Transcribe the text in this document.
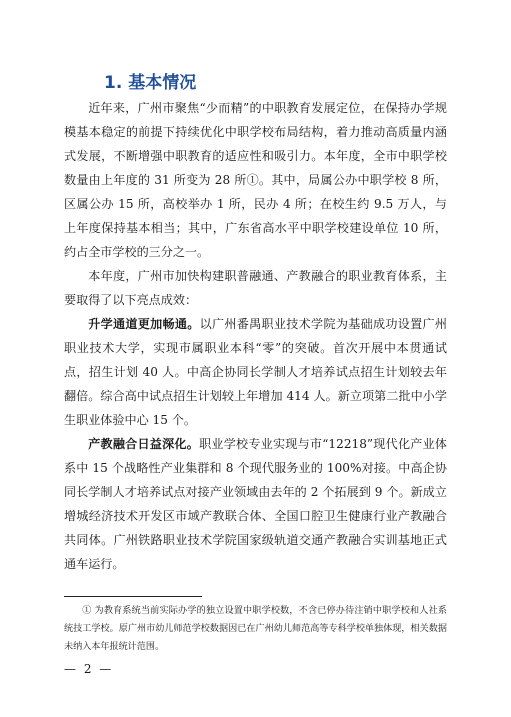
1. 基本情况
近年来，广州市聚焦“少而精”的中职教育发展定位，在保持办学规模基本稳定的前提下持续优化中职学校布局结构，着力推动高质量内涵式发展，不断增强中职教育的适应性和吸引力。本年度，全市中职学校数量由上年度的 31 所变为 28 所①。其中，局属公办中职学校 8 所，区属公办 15 所，高校举办 1 所，民办 4 所；在校生约 9.5 万人，与上年度保持基本相当；其中，广东省高水平中职学校建设单位 10 所，约占全市学校的三分之一。
本年度，广州市加快构建职普融通、产教融合的职业教育体系，主要取得了以下亮点成效：
升学通道更加畅通。以广州番禺职业技术学院为基础成功设置广州职业技术大学，实现市属职业本科“零”的突破。首次开展中本贯通试点，招生计划 40 人。中高企协同长学制人才培养试点招生计划较去年翻倍。综合高中试点招生计划较上年增加 414 人。新立项第二批中小学生职业体验中心 15 个。
产教融合日益深化。职业学校专业实现与市“12218”现代化产业体系中 15 个战略性产业集群和 8 个现代服务业的 100%对接。中高企协同长学制人才培养试点对接产业领域由去年的 2 个拓展到 9 个。新成立增城经济技术开发区市域产教联合体、全国口腔卫生健康行业产教融合共同体。广州铁路职业技术学院国家级轨道交通产教融合实训基地正式通车运行。
① 为教育系统当前实际办学的独立设置中职学校数，不含已停办待注销中职学校和人社系统技工学校。原广州市幼儿师范学校数据因已在广州幼儿师范高等专科学校单独体现，相关数据未纳入本年报统计范围。
— 2 —
